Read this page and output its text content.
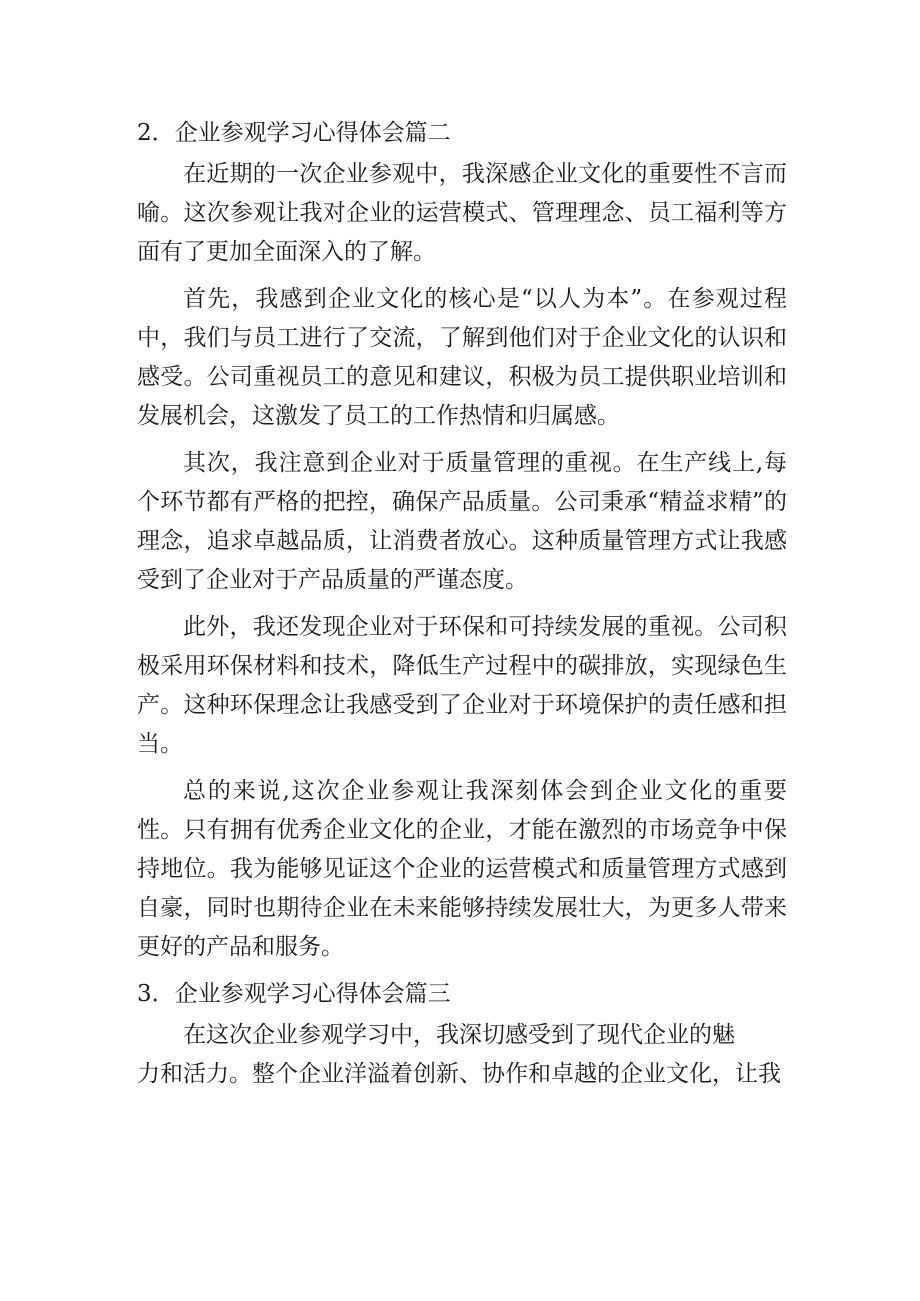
2．企业参观学习心得体会篇二

在近期的一次企业参观中，我深感企业文化的重要性不言而喻。这次参观让我对企业的运营模式、管理理念、员工福利等方面有了更加全面深入的了解。

首先，我感到企业文化的核心是“以人为本”。在参观过程中，我们与员工进行了交流，了解到他们对于企业文化的认识和感受。公司重视员工的意见和建议，积极为员工提供职业培训和发展机会，这激发了员工的工作热情和归属感。

其次，我注意到企业对于质量管理的重视。在生产线上,每个环节都有严格的把控，确保产品质量。公司秉承“精益求精”的理念，追求卓越品质，让消费者放心。这种质量管理方式让我感受到了企业对于产品质量的严谨态度。

此外，我还发现企业对于环保和可持续发展的重视。公司积极采用环保材料和技术，降低生产过程中的碳排放，实现绿色生产。这种环保理念让我感受到了企业对于环境保护的责任感和担当。

总的来说,这次企业参观让我深刻体会到企业文化的重要性。只有拥有优秀企业文化的企业，才能在激烈的市场竞争中保持地位。我为能够见证这个企业的运营模式和质量管理方式感到自豪，同时也期待企业在未来能够持续发展壮大，为更多人带来更好的产品和服务。

3．企业参观学习心得体会篇三

在这次企业参观学习中，我深切感受到了现代企业的魅
力和活力。整个企业洋溢着创新、协作和卓越的企业文化，让我
